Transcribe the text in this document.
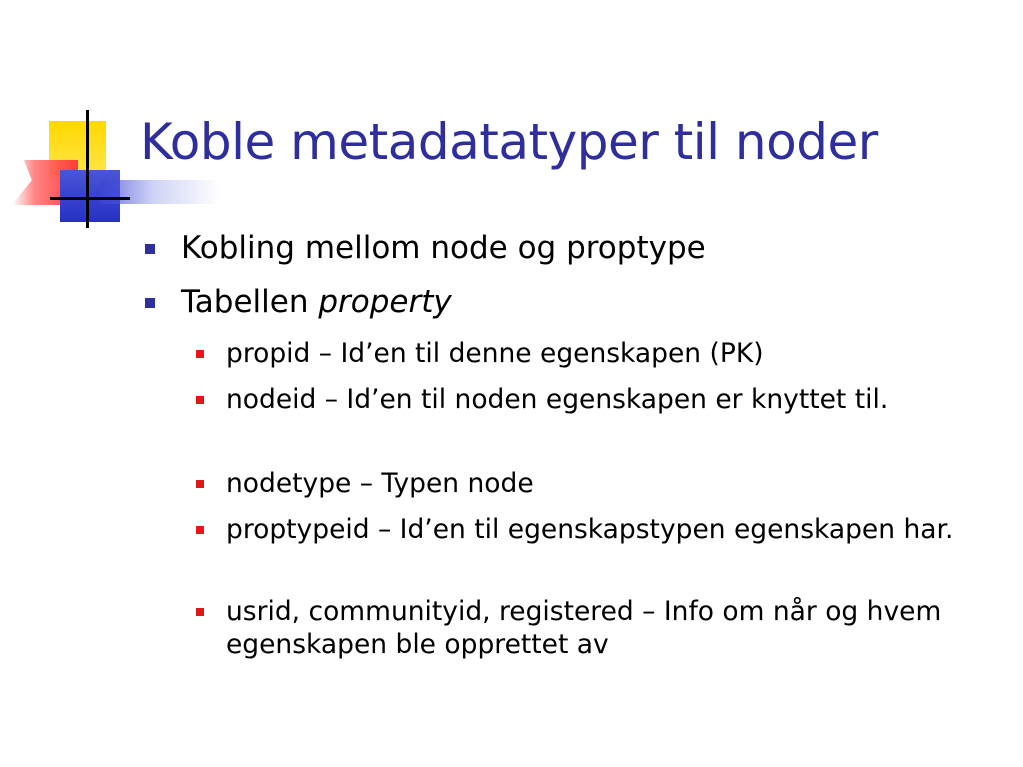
Koble metadatatyper til noder
Kobling mellom node og proptype
Tabellen property
propid – Id’en til denne egenskapen (PK)
nodeid – Id’en til noden egenskapen er knyttet til.
nodetype – Typen node
proptypeid – Id’en til egenskapstypen egenskapen har.
usrid, communityid, registered – Info om når og hvem egenskapen ble opprettet av
